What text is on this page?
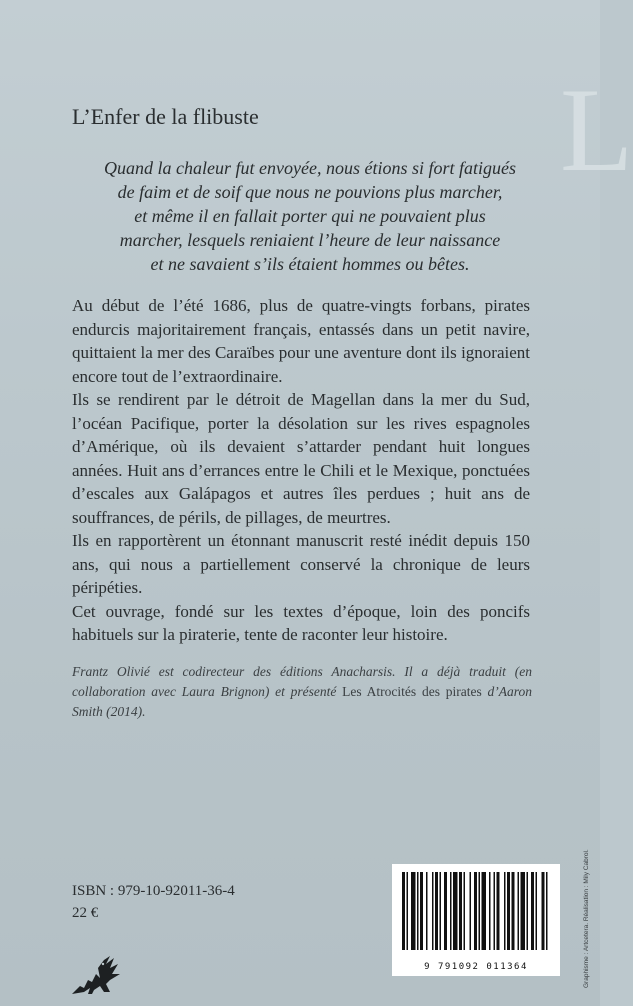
L
L’Enfer de la flibuste
Quand la chaleur fut envoyée, nous étions si fort fatigués
de faim et de soif que nous ne pouvions plus marcher,
et même il en fallait porter qui ne pouvaient plus
marcher, lesquels reniaient l’heure de leur naissance
et ne savaient s’ils étaient hommes ou bêtes.

Au début de l’été 1686, plus de quatre-vingts forbans, pirates endurcis majoritairement français, entassés dans un petit navire, quittaient la mer des Caraïbes pour une aventure dont ils ignoraient encore tout de l’extraordinaire.

Ils se rendirent par le détroit de Magellan dans la mer du Sud, l’océan Pacifique, porter la désolation sur les rives espagnoles d’Amérique, où ils devaient s’attarder pendant huit longues années. Huit ans d’errances entre le Chili et le Mexique, ponctuées d’escales aux Galápagos et autres îles perdues ; huit ans de souffrances, de périls, de pillages, de meurtres.

Ils en rapportèrent un étonnant manuscrit resté inédit depuis 150 ans, qui nous a partiellement conservé la chronique de leurs péripéties.

Cet ouvrage, fondé sur les textes d’époque, loin des poncifs habituels sur la piraterie, tente de raconter leur histoire.

Frantz Olivié est codirecteur des éditions Anacharsis. Il a déjà traduit (en collaboration avec Laura Brignon) et présenté Les Atrocités des pirates d’Aaron Smith (2014).
ISBN : 979-10-92011-36-4
22 €
9 791092 011364	Graphisme : Artcetera. Réalisation : Mily Cabrol.
